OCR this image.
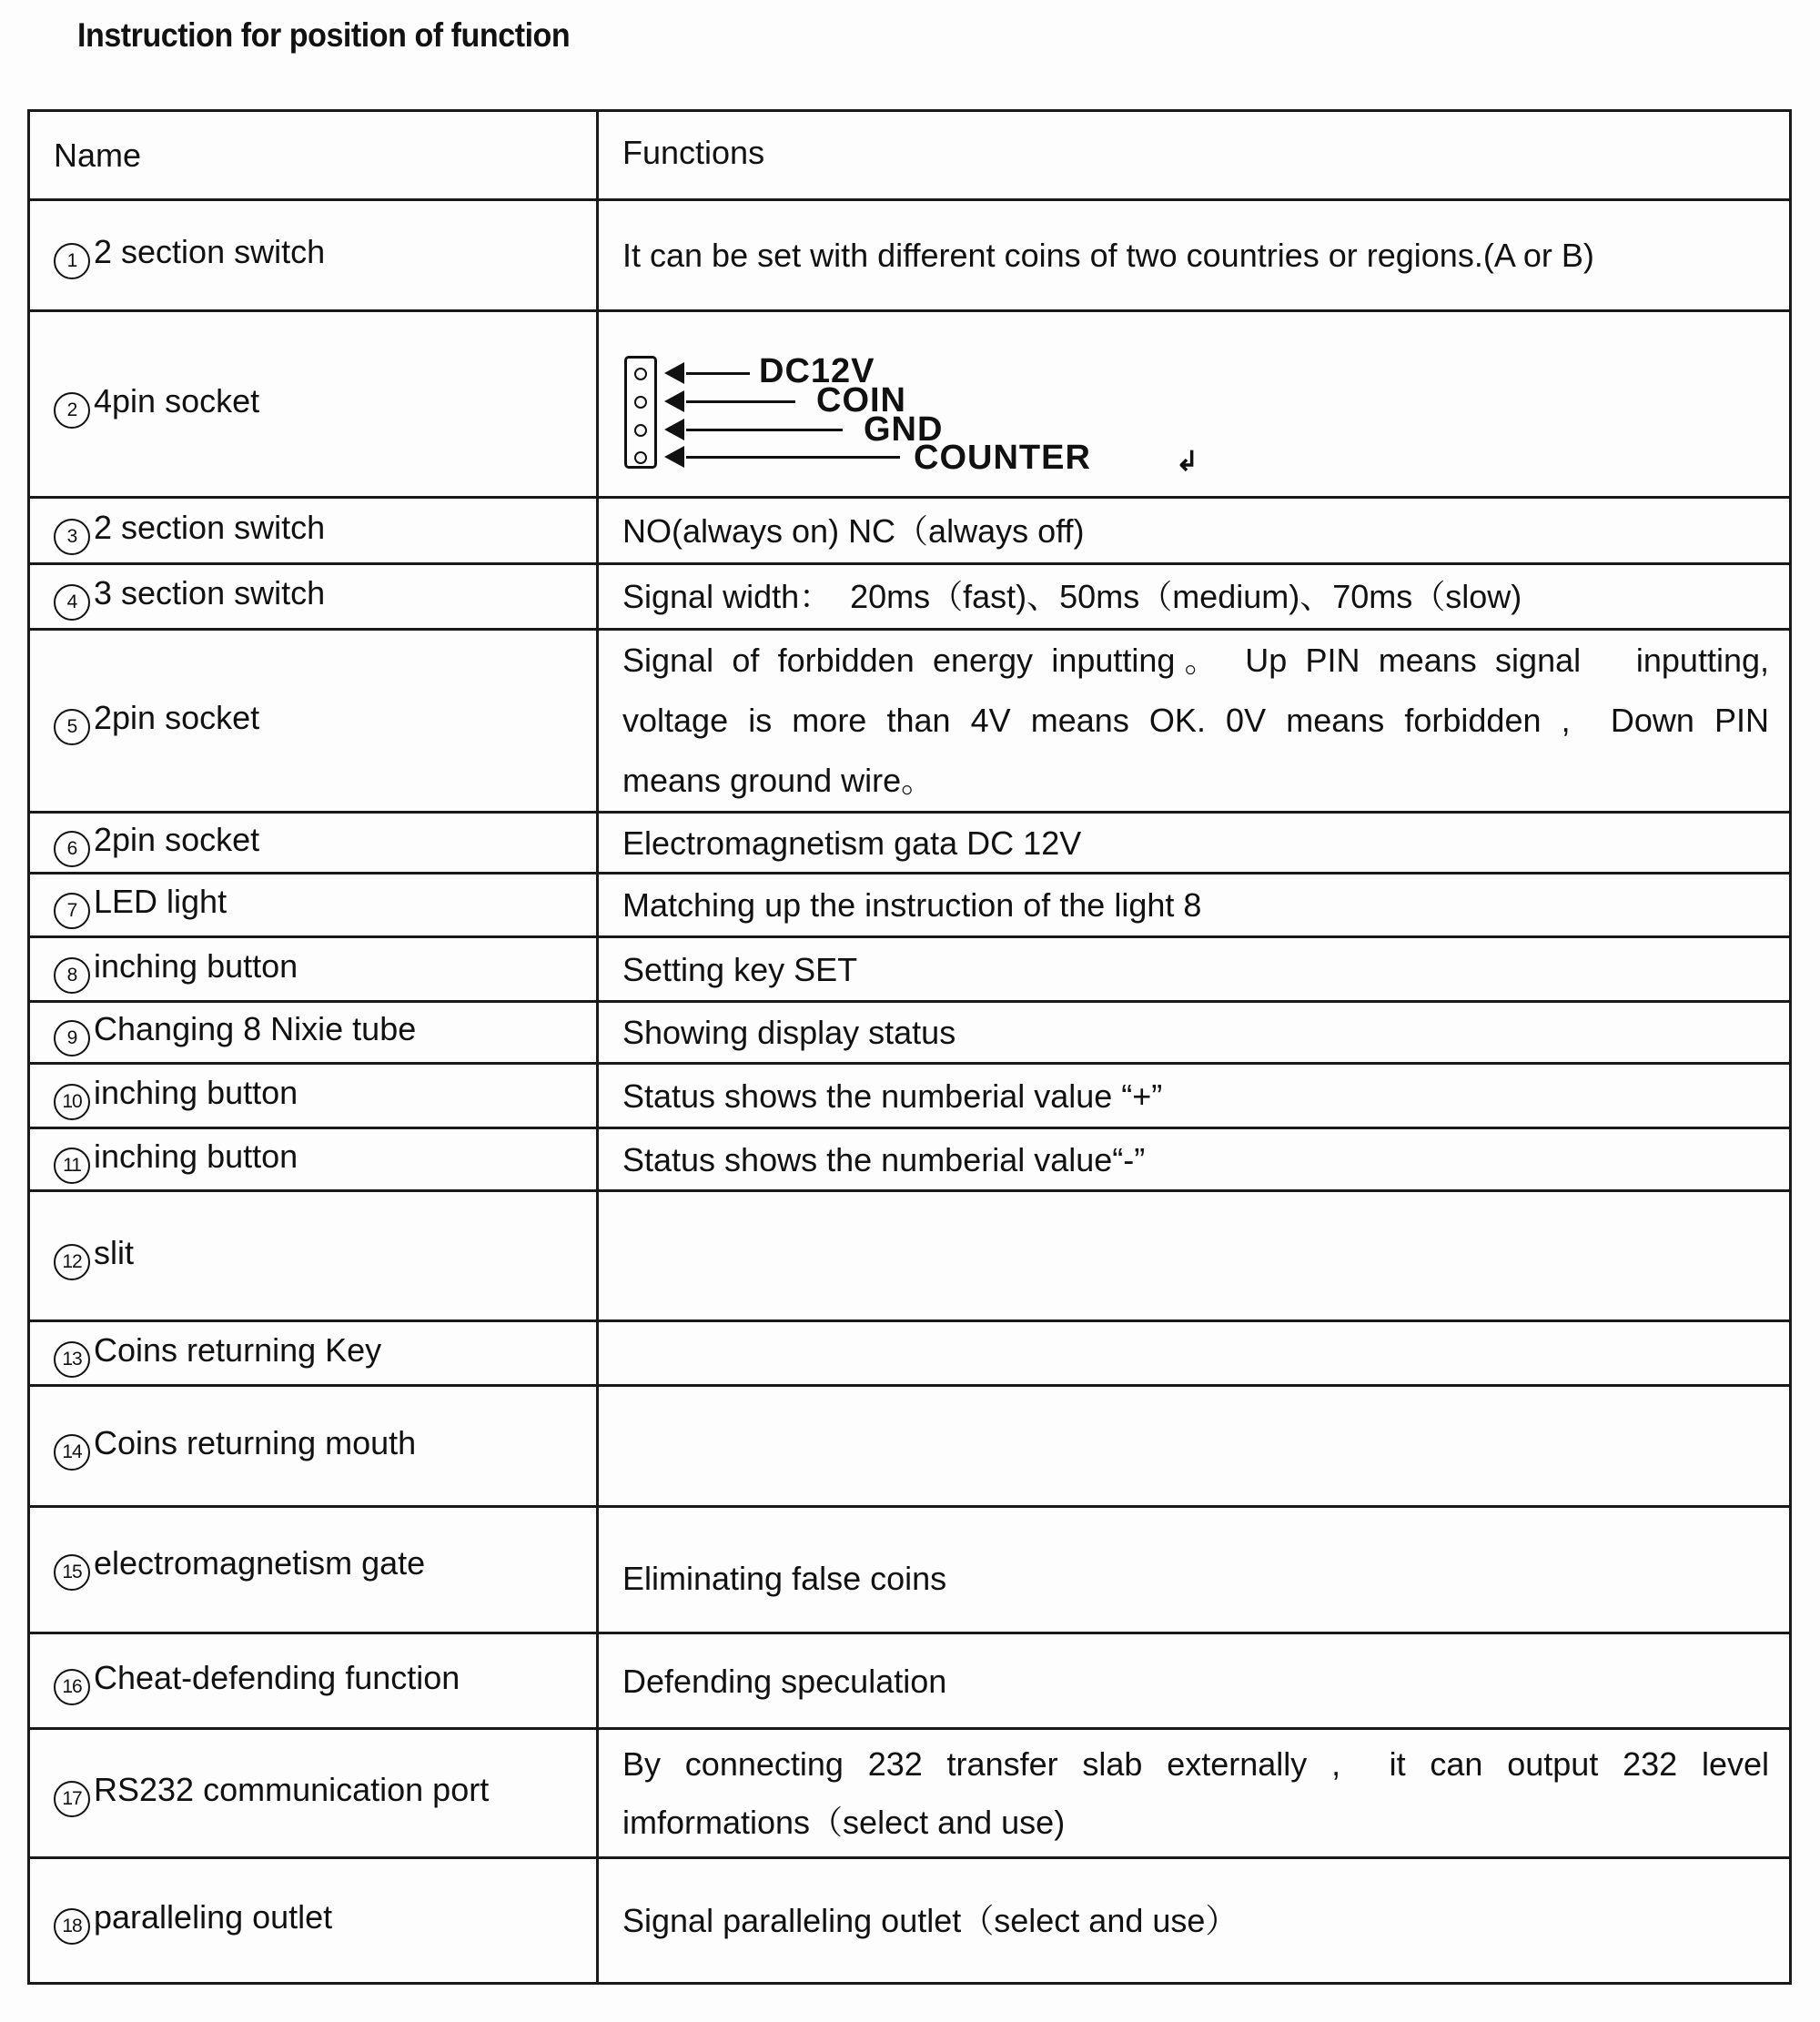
Instruction for position of function
Name	Functions
1 2 section switch	It can be set with different coins of two countries or regions.(A or B)
2 4pin socket	DC12V
COIN
GND
COUNTER ↲

3 2 section switch	NO(always on) NC（always off)
4 3 section switch	Signal width：  20ms（fast)、50ms（medium)、70ms（slow)
5 2pin socket	Signal of forbidden energy inputting。 Up PIN means signal   inputting,
voltage is more than 4V means OK. 0V means forbidden ,  Down PIN
means ground wire。

6 2pin socket	Electromagnetism gata DC 12V
7 LED light	Matching up the instruction of the light 8
8 inching button	Setting key SET
9 Changing 8 Nixie tube	Showing display status
10 inching button	Status shows the numberial value “+”
11 inching button	Status shows the numberial value“-”
12 slit	
13 Coins returning Key	
14 Coins returning mouth	
15 electromagnetism gate	Eliminating false coins
16 Cheat-defending function	Defending speculation
17 RS232 communication port	By connecting 232 transfer slab externally ,  it can output 232 level
imformations（select and use)

18 paralleling outlet	Signal paralleling outlet（select and use）
